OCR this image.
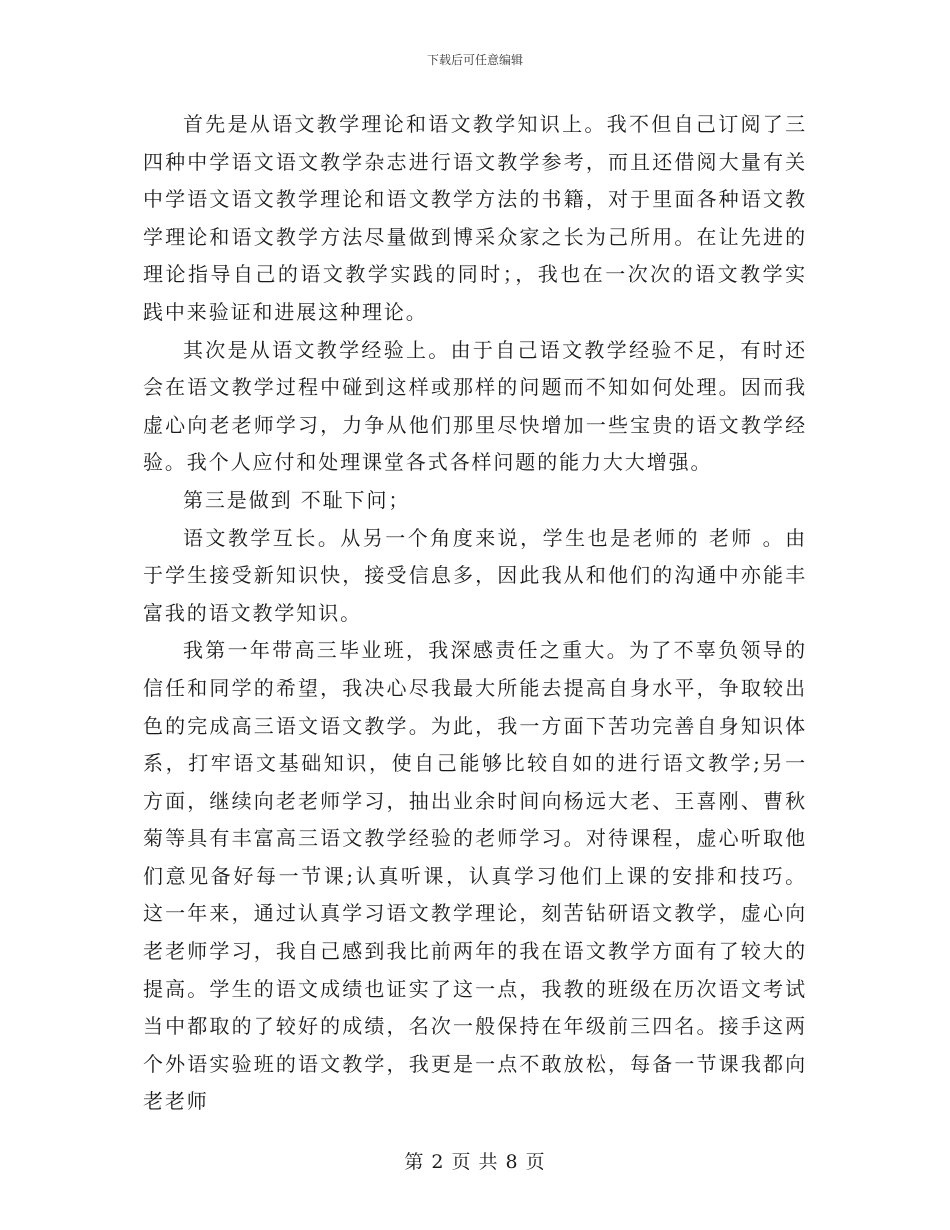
下载后可任意编辑

首先是从语文教学理论和语文教学知识上。我不但自己订阅了三四种中学语文语文教学杂志进行语文教学参考，而且还借阅大量有关中学语文语文教学理论和语文教学方法的书籍，对于里面各种语文教学理论和语文教学方法尽量做到博采众家之长为己所用。在让先进的理论指导自己的语文教学实践的同时；，我也在一次次的语文教学实践中来验证和进展这种理论。

其次是从语文教学经验上。由于自己语文教学经验不足，有时还会在语文教学过程中碰到这样或那样的问题而不知如何处理。因而我虚心向老老师学习，力争从他们那里尽快增加一些宝贵的语文教学经验。我个人应付和处理课堂各式各样问题的能力大大增强。

第三是做到 不耻下问；

语文教学互长。从另一个角度来说，学生也是老师的 老师 。由于学生接受新知识快，接受信息多，因此我从和他们的沟通中亦能丰富我的语文教学知识。

我第一年带高三毕业班，我深感责任之重大。为了不辜负领导的信任和同学的希望，我决心尽我最大所能去提高自身水平，争取较出色的完成高三语文语文教学。为此，我一方面下苦功完善自身知识体系，打牢语文基础知识，使自己能够比较自如的进行语文教学;另一方面，继续向老老师学习，抽出业余时间向杨远大老、王喜刚、曹秋菊等具有丰富高三语文教学经验的老师学习。对待课程，虚心听取他们意见备好每一节课;认真听课，认真学习他们上课的安排和技巧。这一年来，通过认真学习语文教学理论，刻苦钻研语文教学，虚心向老老师学习，我自己感到我比前两年的我在语文教学方面有了较大的提高。学生的语文成绩也证实了这一点，我教的班级在历次语文考试当中都取的了较好的成绩，名次一般保持在年级前三四名。接手这两个外语实验班的语文教学，我更是一点不敢放松，每备一节课我都向老老师

第 2 页 共 8 页
